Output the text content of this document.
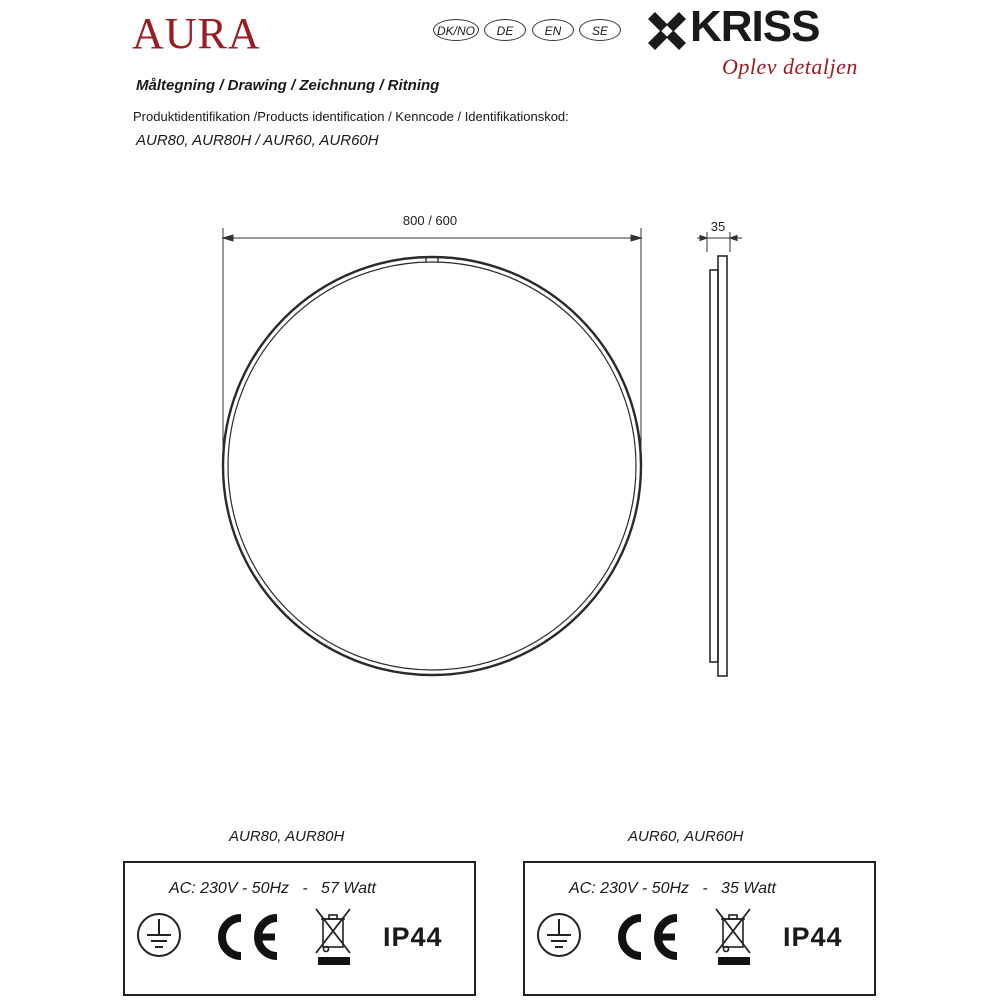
AURA	DK/NO	DE	EN	SE KRISS
Oplev detaljen
Måltegning / Drawing / Zeichnung / Ritning
Produktidentifikation /Products identification / Kenncode / Identifikationskod:
AUR80, AUR80H / AUR60, AUR60H
800 / 600	35
AUR80, AUR80H
AC: 230V - 50Hz   -   57 Watt
IP44
AUR60, AUR60H
AC: 230V - 50Hz   -   35 Watt
IP44
